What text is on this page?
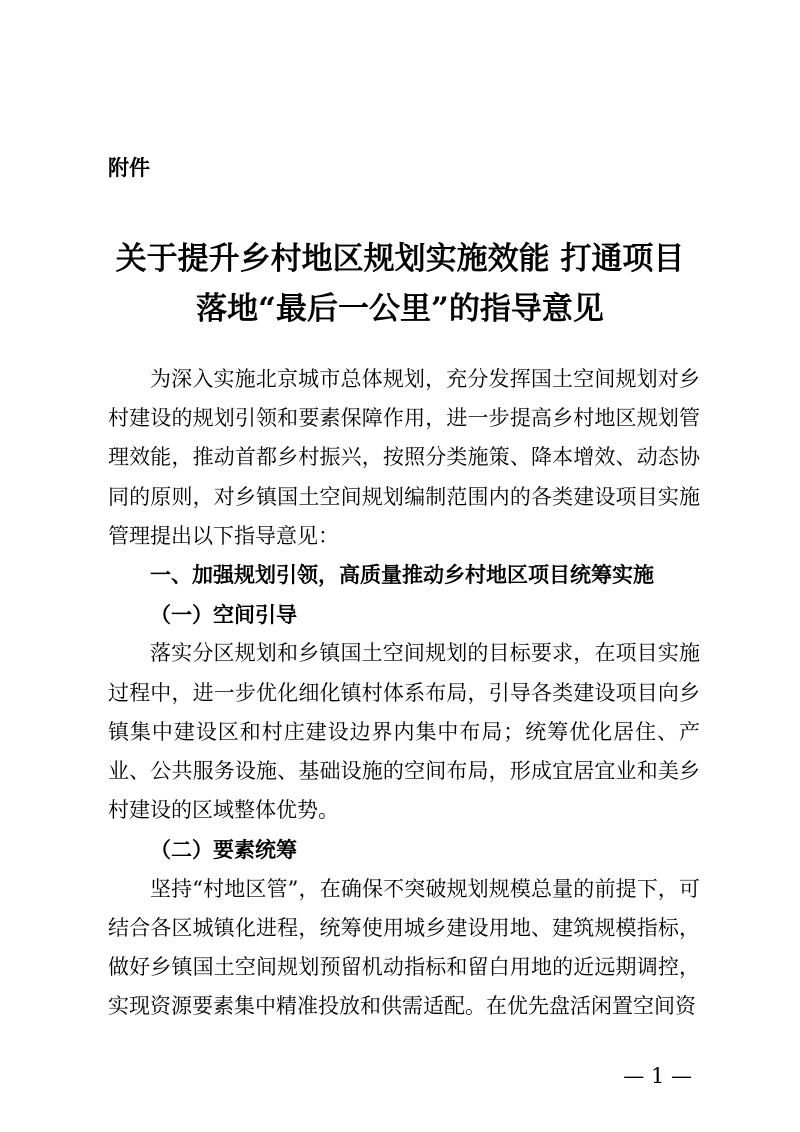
附件
关于提升乡村地区规划实施效能 打通项目
落地“最后一公里”的指导意见

为深入实施北京城市总体规划，充分发挥国土空间规划对乡村建设的规划引领和要素保障作用，进一步提高乡村地区规划管理效能，推动首都乡村振兴，按照分类施策、降本增效、动态协同的原则，对乡镇国土空间规划编制范围内的各类建设项目实施管理提出以下指导意见：

一、加强规划引领，高质量推动乡村地区项目统筹实施

（一）空间引导

落实分区规划和乡镇国土空间规划的目标要求，在项目实施过程中，进一步优化细化镇村体系布局，引导各类建设项目向乡镇集中建设区和村庄建设边界内集中布局；统筹优化居住、产业、公共服务设施、基础设施的空间布局，形成宜居宜业和美乡村建设的区域整体优势。

（二）要素统筹

坚持“村地区管”，在确保不突破规划规模总量的前提下，可结合各区城镇化进程，统筹使用城乡建设用地、建筑规模指标，做好乡镇国土空间规划预留机动指标和留白用地的近远期调控，实现资源要素集中精准投放和供需适配。在优先盘活闲置空间资

— 1 —
